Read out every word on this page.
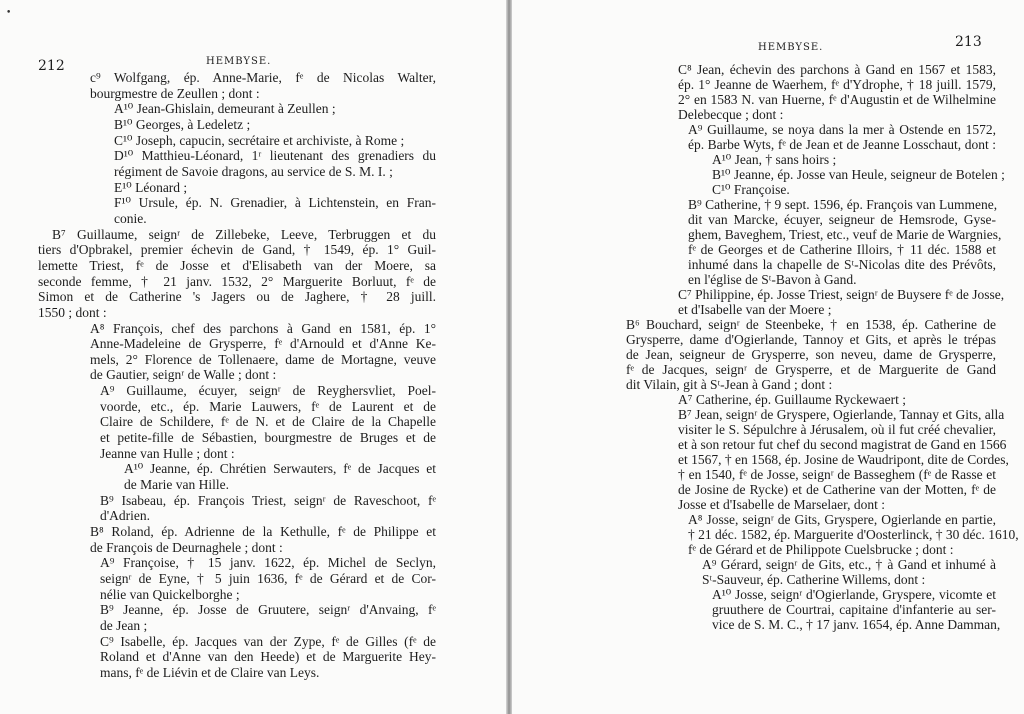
•
212	HEMBYSE.
c⁹ Wolfgang, ép. Anne-Marie, fᵉ de Nicolas Walter,
bourgmestre de Zeullen ; dont :
A¹⁰ Jean-Ghislain, demeurant à Zeullen ;
B¹⁰ Georges, à Ledeletz ;
C¹⁰ Joseph, capucin, secrétaire et archiviste, à Rome ;
D¹⁰ Matthieu-Léonard, 1ʳ lieutenant des grenadiers du
régiment de Savoie dragons, au service de S. M. I. ;
E¹⁰ Léonard ;
F¹⁰ Ursule, ép. N. Grenadier, à Lichtenstein, en Fran-
conie.
B⁷ Guillaume, seignʳ de Zillebeke, Leeve, Terbruggen et du
tiers d'Opbrakel, premier échevin de Gand, † 1549, ép. 1° Guil-
lemette Triest, fᵉ de Josse et d'Elisabeth van der Moere, sa
seconde femme, † 21 janv. 1532, 2° Marguerite Borluut, fᵉ de
Simon et de Catherine 's Jagers ou de Jaghere, † 28 juill.
1550 ; dont :
A⁸ François, chef des parchons à Gand en 1581, ép. 1°
Anne-Madeleine de Grysperre, fᵉ d'Arnould et d'Anne Ke-
mels, 2° Florence de Tollenaere, dame de Mortagne, veuve
de Gautier, seignʳ de Walle ; dont :
A⁹ Guillaume, écuyer, seignʳ de Reyghersvliet, Poel-
voorde, etc., ép. Marie Lauwers, fᵉ de Laurent et de
Claire de Schildere, fᵉ de N. et de Claire de la Chapelle
et petite-fille de Sébastien, bourgmestre de Bruges et de
Jeanne van Hulle ; dont :
A¹⁰ Jeanne, ép. Chrétien Serwauters, fᵉ de Jacques et
de Marie van Hille.
B⁹ Isabeau, ép. François Triest, seignʳ de Raveschoot, fᵉ
d'Adrien.
B⁸ Roland, ép. Adrienne de la Kethulle, fᵉ de Philippe et
de François de Deurnaghele ; dont :
A⁹ Françoise, † 15 janv. 1622, ép. Michel de Seclyn,
seignʳ de Eyne, † 5 juin 1636, fᵉ de Gérard et de Cor-
nélie van Quickelborghe ;
B⁹ Jeanne, ép. Josse de Gruutere, seignʳ d'Anvaing, fᵉ
de Jean ;
C⁹ Isabelle, ép. Jacques van der Zype, fᵉ de Gilles (fᵉ de
Roland et d'Anne van den Heede) et de Marguerite Hey-
mans, fᵉ de Liévin et de Claire van Leys.
HEMBYSE.	213
C⁸ Jean, échevin des parchons à Gand en 1567 et 1583,
ép. 1° Jeanne de Waerhem, fᵉ d'Ydrophe, † 18 juill. 1579,
2° en 1583 N. van Huerne, fᵉ d'Augustin et de Wilhelmine
Delebecque ; dont :
A⁹ Guillaume, se noya dans la mer à Ostende en 1572,
ép. Barbe Wyts, fᵉ de Jean et de Jeanne Losschaut, dont :
A¹⁰ Jean, † sans hoirs ;
B¹⁰ Jeanne, ép. Josse van Heule, seigneur de Botelen ;
C¹⁰ Françoise.
B⁹ Catherine, † 9 sept. 1596, ép. François van Lummene,
dit van Marcke, écuyer, seigneur de Hemsrode, Gyse-
ghem, Baveghem, Triest, etc., veuf de Marie de Wargnies,
fᵉ de Georges et de Catherine Illoirs, † 11 déc. 1588 et
inhumé dans la chapelle de Sᵗ-Nicolas dite des Prévôts,
en l'église de Sᵗ-Bavon à Gand.
C⁷ Philippine, ép. Josse Triest, seignʳ de Buysere fᵉ de Josse,
et d'Isabelle van der Moere ;
B⁶ Bouchard, seignʳ de Steenbeke, † en 1538, ép. Catherine de
Grysperre, dame d'Ogierlande, Tannoy et Gits, et après le trépas
de Jean, seigneur de Grysperre, son neveu, dame de Grysperre,
fᵉ de Jacques, seignʳ de Grysperre, et de Marguerite de Gand
dit Vilain, git à Sᵗ-Jean à Gand ; dont :
A⁷ Catherine, ép. Guillaume Ryckewaert ;
B⁷ Jean, seignʳ de Gryspere, Ogierlande, Tannay et Gits, alla
visiter le S. Sépulchre à Jérusalem, où il fut créé chevalier,
et à son retour fut chef du second magistrat de Gand en 1566
et 1567, † en 1568, ép. Josine de Waudripont, dite de Cordes,
† en 1540, fᵉ de Josse, seignʳ de Basseghem (fᵉ de Rasse et
de Josine de Rycke) et de Catherine van der Motten, fᵉ de
Josse et d'Isabelle de Marselaer, dont :
A⁸ Josse, seignʳ de Gits, Gryspere, Ogierlande en partie,
† 21 déc. 1582, ép. Marguerite d'Oosterlinck, † 30 déc. 1610,
fᵉ de Gérard et de Philippote Cuelsbrucke ; dont :
A⁹ Gérard, seignʳ de Gits, etc., † à Gand et inhumé à
Sᵗ-Sauveur, ép. Catherine Willems, dont :
A¹⁰ Josse, seignʳ d'Ogierlande, Gryspere, vicomte et
gruuthere de Courtrai, capitaine d'infanterie au ser-
vice de S. M. C., † 17 janv. 1654, ép. Anne Damman,
